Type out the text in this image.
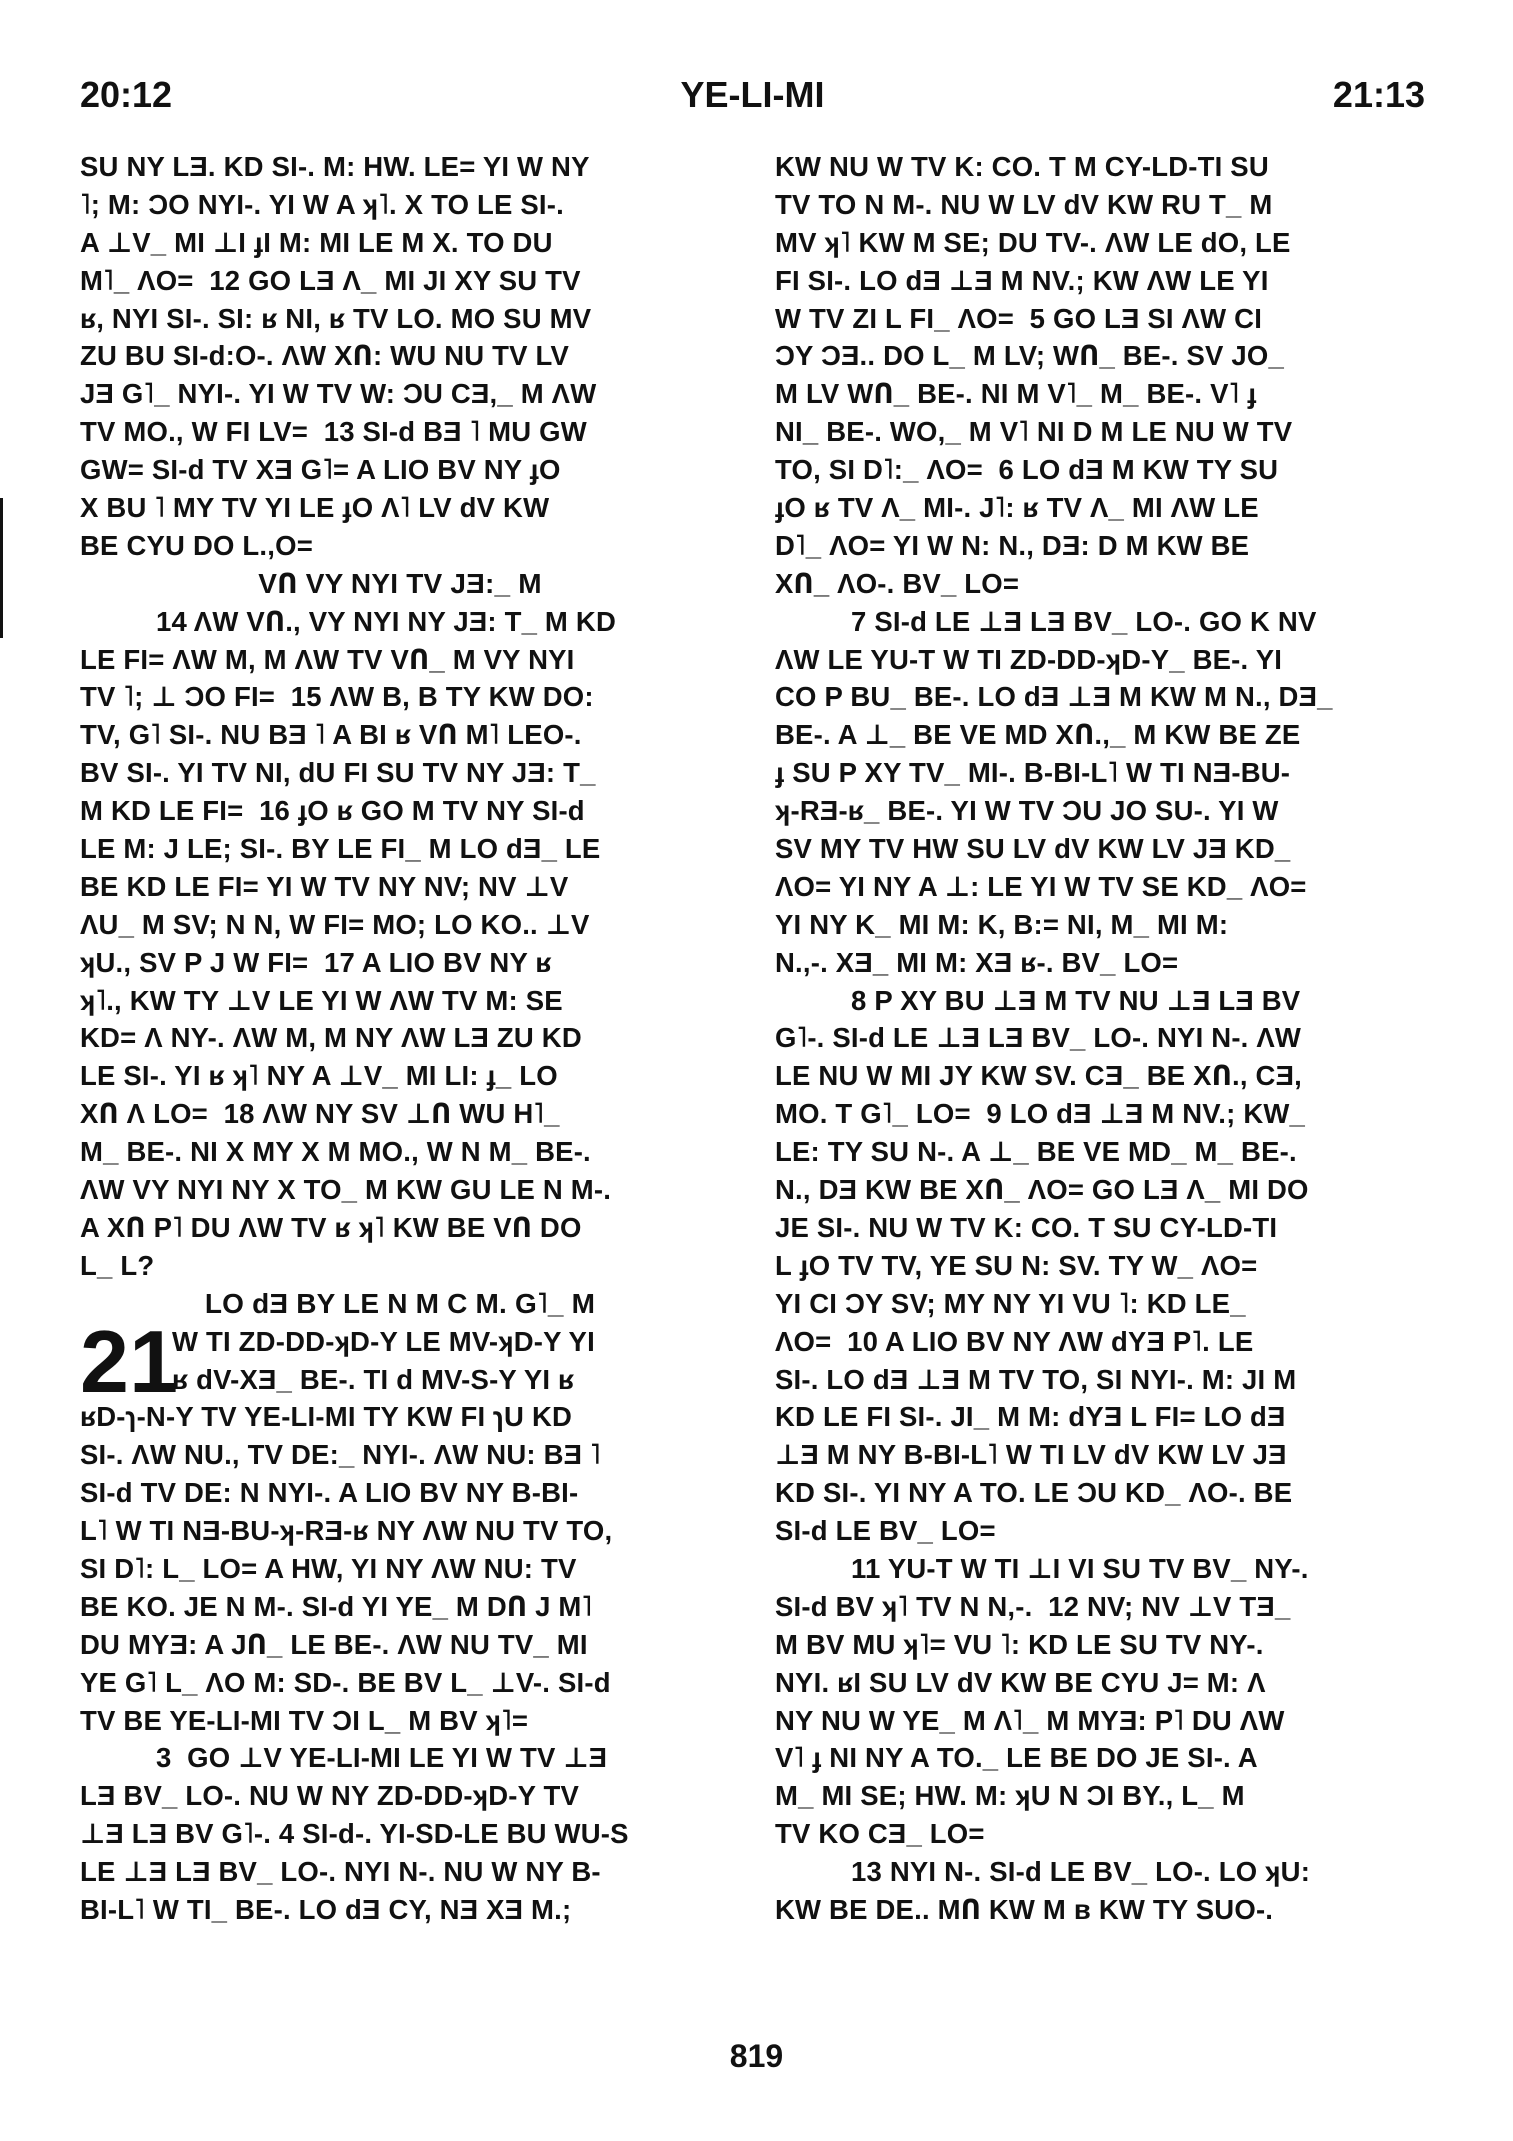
20:12	YE-LI-MI	21:13
SU NY LƎ. KD SI-. M: HW. LE= YI W NY
˥; M: ƆO NYI-. YI W A ʞ˥. X TO LE SI-.
A ⊥V_ MI ⊥I ɟI M: MI LE M X. TO DU
M˥_ ΛO=  12 GO LƎ Λ_ MI JI XY SU TV
ʁ, NYI SI-. SI: ʁ NI, ʁ TV LO. MO SU MV
ZU BU SI-d:O-. ΛW XՈ: WU NU TV LV
JƎ G˥_ NYI-. YI W TV W: ƆU CƎ,_ M ΛW
TV MO., W FI LV=  13 SI-d BƎ ˥ MU GW
GW= SI-d TV XƎ G˥= A LIO BV NY ɟO
X BU ˥ MY TV YI LE ɟO Λ˥ LV dV KW
BE CYU DO L.,O=
VՈ VY NYI TV JƎ:_ M
14 ΛW VՈ., VY NYI NY JƎ: T_ M KD
LE FI= ΛW M, M ΛW TV VՈ_ M VY NYI
TV ˥; ⊥ ƆO FI=  15 ΛW B, B TY KW DO:
TV, G˥ SI-. NU BƎ ˥ A BI ʁ VՈ M˥ LEO-.
BV SI-. YI TV NI, dU FI SU TV NY JƎ: T_
M KD LE FI=  16 ɟO ʁ GO M TV NY SI-d
LE M: J LE; SI-. BY LE FI_ M LO dƎ_ LE
BE KD LE FI= YI W TV NY NV; NV ⊥V
ΛU_ M SV; N N, W FI= MO; LO KO.. ⊥V
ʞU., SV P J W FI=  17 A LIO BV NY ʁ
ʞ˥., KW TY ⊥V LE YI W ΛW TV M: SE
KD= Λ NY-. ΛW M, M NY ΛW LƎ ZU KD
LE SI-. YI ʁ ʞ˥ NY A ⊥V_ MI LI: ɟ_ LO
XՈ Λ LO=  18 ΛW NY SV ⊥Ո WU H˥_
M_ BE-. NI X MY X M MO., W N M_ BE-.
ΛW VY NYI NY X TO_ M KW GU LE N M-.
A XՈ P˥ DU ΛW TV ʁ ʞ˥ KW BE VՈ DO
L_ L?
LO dƎ BY LE N M C M. G˥_ M
21
W TI ZD-DD-ʞD-Y LE MV-ʞD-Y YI
ʁ dV-XƎ_ BE-. TI d MV-S-Y YI ʁ
ʁD-ɿ-N-Y TV YE-LI-MI TY KW FI ɿU KD
SI-. ΛW NU., TV DE:_ NYI-. ΛW NU: BƎ ˥
SI-d TV DE: N NYI-. A LIO BV NY B-BI-
L˥ W TI NƎ-BU-ʞ-RƎ-ʁ NY ΛW NU TV TO,
SI D˥: L_ LO= A HW, YI NY ΛW NU: TV
BE KO. JE N M-. SI-d YI YE_ M DՈ J M˥
DU MYƎ: A JՈ_ LE BE-. ΛW NU TV_ MI
YE G˥ L_ ΛO M: SD-. BE BV L_ ⊥V-. SI-d
TV BE YE-LI-MI TV ƆI L_ M BV ʞ˥=
3  GO ⊥V YE-LI-MI LE YI W TV ⊥Ǝ
LƎ BV_ LO-. NU W NY ZD-DD-ʞD-Y TV
⊥Ǝ LƎ BV G˥-. 4 SI-d-. YI-SD-LE BU WU-S
LE ⊥Ǝ LƎ BV_ LO-. NYI N-. NU W NY B-
BI-L˥ W TI_ BE-. LO dƎ CY, NƎ XƎ M.;
KW NU W TV K: CO. T M CY-LD-TI SU
TV TO N M-. NU W LV dV KW RU T_ M
MV ʞ˥ KW M SE; DU TV-. ΛW LE dO, LE
FI SI-. LO dƎ ⊥Ǝ M NV.; KW ΛW LE YI
W TV ZI L FI_ ΛO=  5 GO LƎ SI ΛW CI
ƆY ƆƎ.. DO L_ M LV; WՈ_ BE-. SV JO_
M LV WՈ_ BE-. NI M V˥_ M_ BE-. V˥ ɟ
NI_ BE-. WO,_ M V˥ NI D M LE NU W TV
TO, SI D˥:_ ΛO=  6 LO dƎ M KW TY SU
ɟO ʁ TV Λ_ MI-. J˥: ʁ TV Λ_ MI ΛW LE
D˥_ ΛO= YI W N: N., DƎ: D M KW BE
XՈ_ ΛO-. BV_ LO=
7 SI-d LE ⊥Ǝ LƎ BV_ LO-. GO K NV
ΛW LE YU-T W TI ZD-DD-ʞD-Y_ BE-. YI
CO P BU_ BE-. LO dƎ ⊥Ǝ M KW M N., DƎ_
BE-. A ⊥_ BE VE MD XՈ.,_ M KW BE ZE
ɟ SU P XY TV_ MI-. B-BI-L˥ W TI NƎ-BU-
ʞ-RƎ-ʁ_ BE-. YI W TV ƆU JO SU-. YI W
SV MY TV HW SU LV dV KW LV JƎ KD_
ΛO= YI NY A ⊥: LE YI W TV SE KD_ ΛO=
YI NY K_ MI M: K, B:= NI, M_ MI M:
N.,-. XƎ_ MI M: XƎ ʁ-. BV_ LO=
8 P XY BU ⊥Ǝ M TV NU ⊥Ǝ LƎ BV
G˥-. SI-d LE ⊥Ǝ LƎ BV_ LO-. NYI N-. ΛW
LE NU W MI JY KW SV. CƎ_ BE XՈ., CƎ,
MO. T G˥_ LO=  9 LO dƎ ⊥Ǝ M NV.; KW_
LE: TY SU N-. A ⊥_ BE VE MD_ M_ BE-.
N., DƎ KW BE XՈ_ ΛO= GO LƎ Λ_ MI DO
JE SI-. NU W TV K: CO. T SU CY-LD-TI
L ɟO TV TV, YE SU N: SV. TY W_ ΛO=
YI CI ƆY SV; MY NY YI VU ˥: KD LE_
ΛO=  10 A LIO BV NY ΛW dYƎ P˥. LE
SI-. LO dƎ ⊥Ǝ M TV TO, SI NYI-. M: JI M
KD LE FI SI-. JI_ M M: dYƎ L FI= LO dƎ
⊥Ǝ M NY B-BI-L˥ W TI LV dV KW LV JƎ
KD SI-. YI NY A TO. LE ƆU KD_ ΛO-. BE
SI-d LE BV_ LO=
11 YU-T W TI ⊥I VI SU TV BV_ NY-.
SI-d BV ʞ˥ TV N N,-.  12 NV; NV ⊥V TƎ_
M BV MU ʞ˥= VU ˥: KD LE SU TV NY-.
NYI. ʁI SU LV dV KW BE CYU J= M: Λ
NY NU W YE_ M Λ˥_ M MYƎ: P˥ DU ΛW
V˥ ɟ NI NY A TO._ LE BE DO JE SI-. A
M_ MI SE; HW. M: ʞU N ƆI BY., L_ M
TV KO CƎ_ LO=
13 NYI N-. SI-d LE BV_ LO-. LO ʞU:
KW BE DE.. MՈ KW M в KW TY SUO-.
819
